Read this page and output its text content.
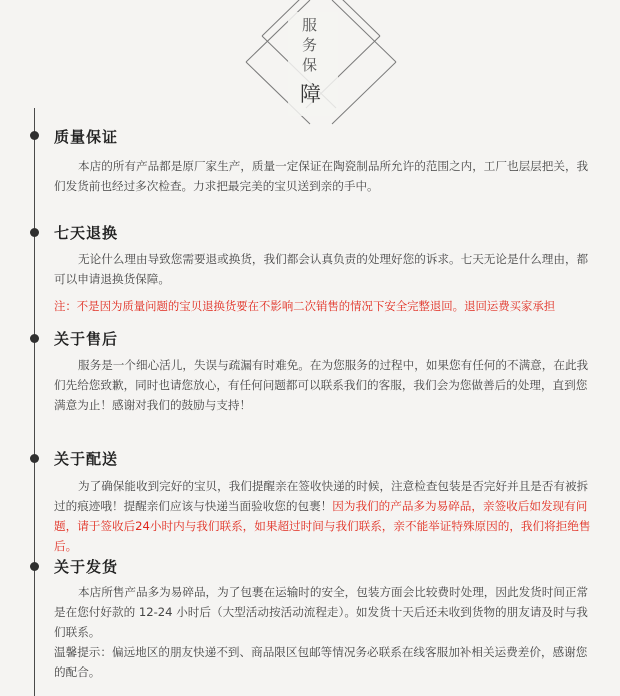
服
务
保
障
质量保证
本店的所有产品都是原厂家生产，质量一定保证在陶瓷制品所允许的范围之内，工厂也层层把关，我们发货前也经过多次检查。力求把最完美的宝贝送到亲的手中。
七天退换
无论什么理由导致您需要退或换货，我们都会认真负责的处理好您的诉求。七天无论是什么理由，都可以申请退换货保障。
注：不是因为质量问题的宝贝退换货要在不影响二次销售的情况下安全完整退回。退回运费买家承担
关于售后
服务是一个细心活儿，失误与疏漏有时难免。在为您服务的过程中，如果您有任何的不满意，在此我们先给您致歉，同时也请您放心，有任何问题都可以联系我们的客服，我们会为您做善后的处理，直到您满意为止！感谢对我们的鼓励与支持！
关于配送
为了确保能收到完好的宝贝，我们提醒亲在签收快递的时候，注意检查包装是否完好并且是否有被拆过的痕迹哦！提醒亲们应该与快递当面验收您的包裹！因为我们的产品多为易碎品，亲签收后如发现有问题，请于签收后24小时内与我们联系，如果超过时间与我们联系，亲不能举证特殊原因的，我们将拒绝售后。
关于发货
本店所售产品多为易碎品，为了包裹在运输时的安全，包装方面会比较费时处理，因此发货时间正常是在您付好款的 12-24 小时后（大型活动按活动流程走）。如发货十天后还未收到货物的朋友请及时与我们联系。
温馨提示：偏远地区的朋友快递不到、商品限区包邮等情况务必联系在线客服加补相关运费差价，感谢您的配合。
